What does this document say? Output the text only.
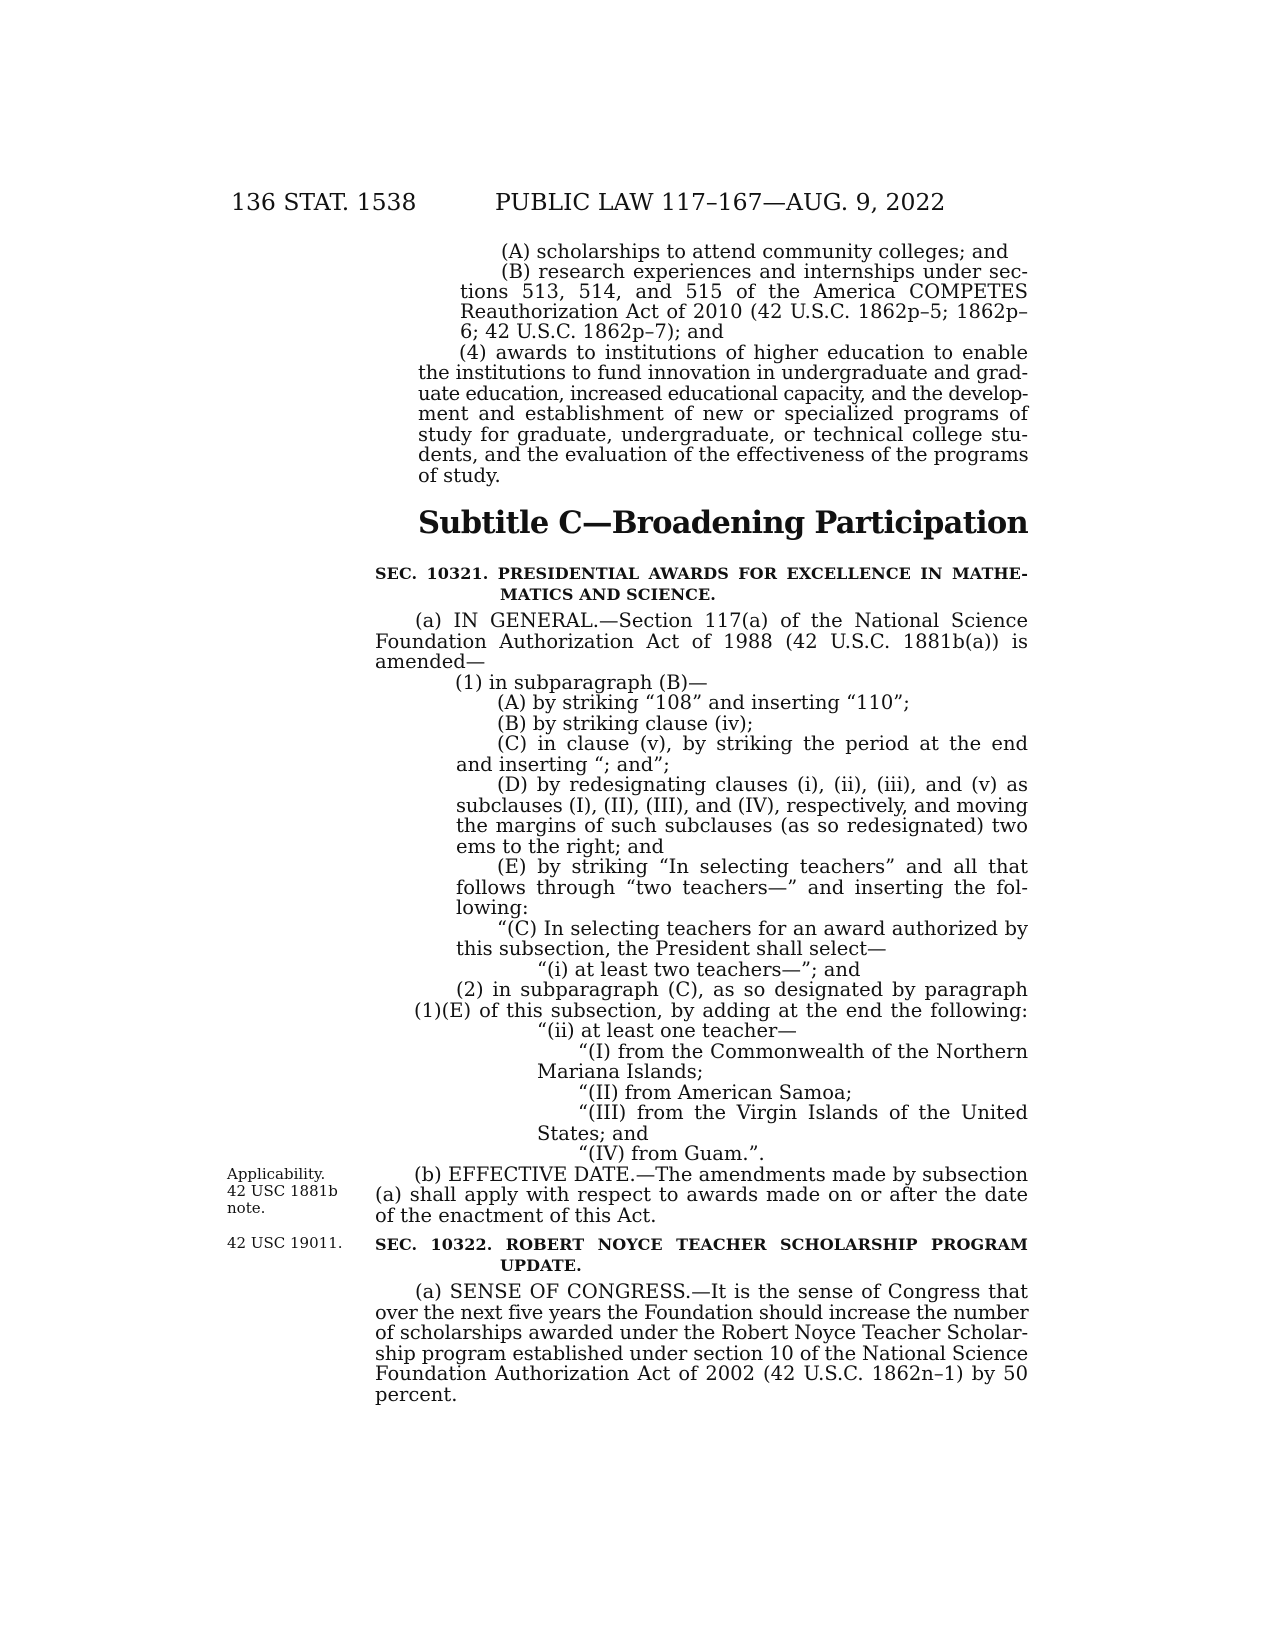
136 STAT. 1538	PUBLIC LAW 117–167—AUG. 9, 2022
(A) scholarships to attend community colleges; and
(B) research experiences and internships under sec-
tions 513, 514, and 515 of the America COMPETES
Reauthorization Act of 2010 (42 U.S.C. 1862p–5; 1862p–
6; 42 U.S.C. 1862p–7); and
(4) awards to institutions of higher education to enable
the institutions to fund innovation in undergraduate and grad-
uate education, increased educational capacity, and the develop-
ment and establishment of new or specialized programs of
study for graduate, undergraduate, or technical college stu-
dents, and the evaluation of the effectiveness of the programs
of study.
Subtitle C—Broadening Participation
SEC. 10321. PRESIDENTIAL AWARDS FOR EXCELLENCE IN MATHE-
MATICS AND SCIENCE.
(a) IN GENERAL.—Section 117(a) of the National Science
Foundation Authorization Act of 1988 (42 U.S.C. 1881b(a)) is
amended—
(1) in subparagraph (B)—
(A) by striking “108” and inserting “110”;
(B) by striking clause (iv);
(C) in clause (v), by striking the period at the end
and inserting “; and”;
(D) by redesignating clauses (i), (ii), (iii), and (v) as
subclauses (I), (II), (III), and (IV), respectively, and moving
the margins of such subclauses (as so redesignated) two
ems to the right; and
(E) by striking “In selecting teachers” and all that
follows through “two teachers—” and inserting the fol-
lowing:
“(C) In selecting teachers for an award authorized by
this subsection, the President shall select—
“(i) at least two teachers—”; and
(2) in subparagraph (C), as so designated by paragraph
(1)(E) of this subsection, by adding at the end the following:
“(ii) at least one teacher—
“(I) from the Commonwealth of the Northern
Mariana Islands;
“(II) from American Samoa;
“(III) from the Virgin Islands of the United
States; and
“(IV) from Guam.”.
(b) EFFECTIVE DATE.—The amendments made by subsection
(a) shall apply with respect to awards made on or after the date
of the enactment of this Act.
Applicability.
42 USC 1881b
note.
42 USC 19011. SEC. 10322. ROBERT NOYCE TEACHER SCHOLARSHIP PROGRAM
UPDATE.
(a) SENSE OF CONGRESS.—It is the sense of Congress that
over the next five years the Foundation should increase the number
of scholarships awarded under the Robert Noyce Teacher Scholar-
ship program established under section 10 of the National Science
Foundation Authorization Act of 2002 (42 U.S.C. 1862n–1) by 50
percent.
